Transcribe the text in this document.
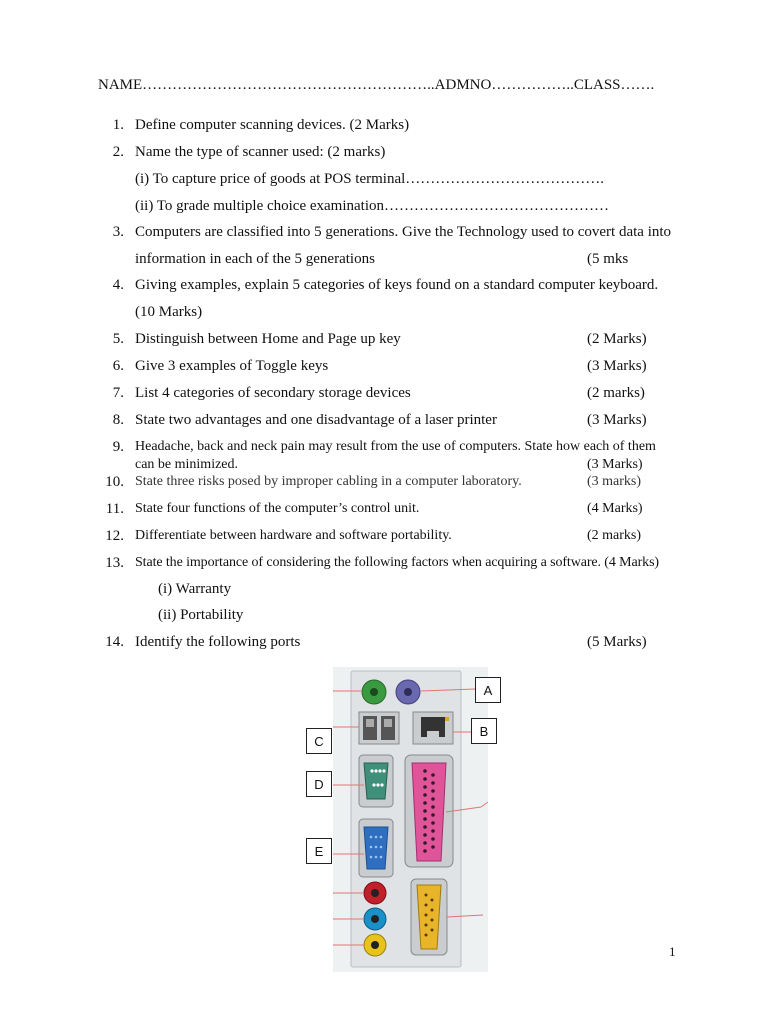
NAME…………………………………………………..ADMNO……………..CLASS…….
1. Define computer scanning devices. (2 Marks)
2. Name the type of scanner used: (2 marks)
(i) To capture price of goods at POS terminal………………………………….
(ii) To grade multiple choice examination………………………………………
3. Computers are classified into 5 generations. Give the Technology used to covert data into
information in each of the 5 generations	(5 mks
4. Giving examples, explain 5 categories of keys found on a standard computer keyboard.
(10 Marks)
5. Distinguish between Home and Page up key	(2 Marks)
6. Give 3 examples of Toggle keys	(3 Marks)
7. List 4 categories of secondary storage devices	(2 marks)
8. State two advantages and one disadvantage of a laser printer	(3 Marks)
9. Headache, back and neck pain may result from the use of computers. State how each of them
can be minimized.	(3 Marks)
10. State three risks posed by improper cabling in a computer laboratory.	(3 marks)
11. State four functions of the computer’s control unit.	(4 Marks)
12. Differentiate between hardware and software portability.	(2 marks)
13. State the importance of considering the following factors when acquiring a software. (4 Marks)
(i) Warranty
(ii) Portability
14. Identify the following ports	(5 Marks)
A
B
C
D
E
1
